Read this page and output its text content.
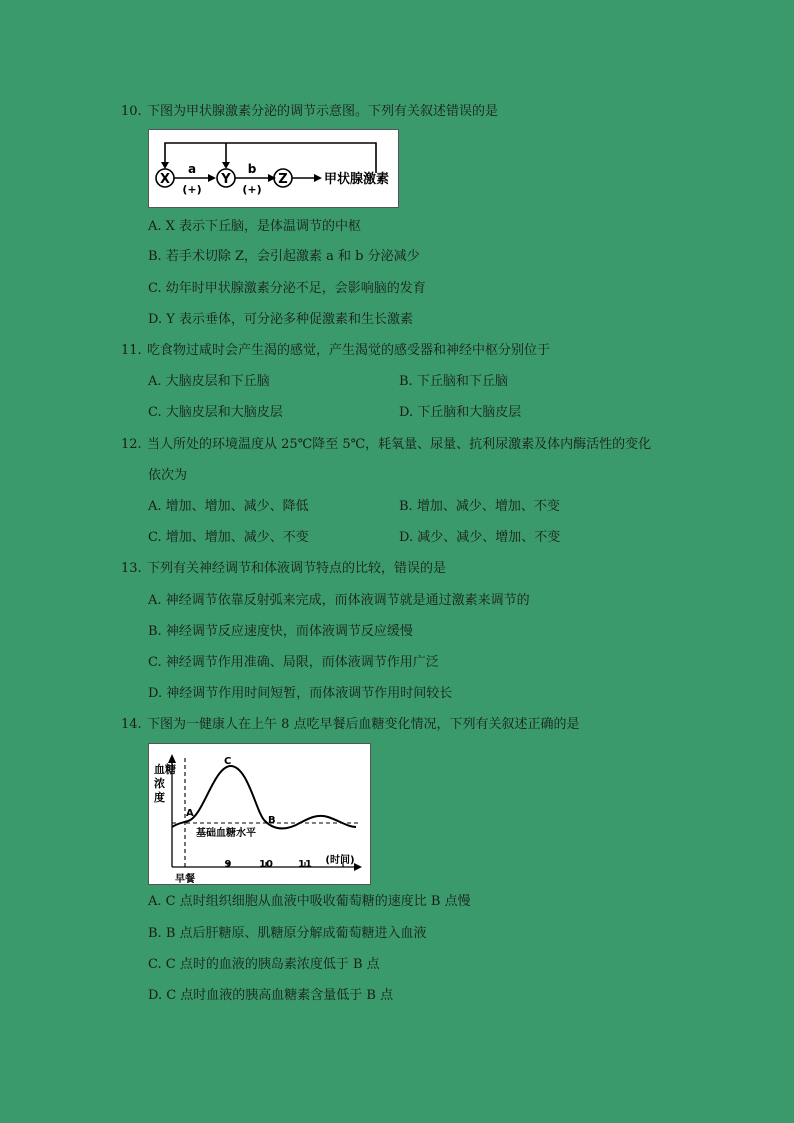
10. 下图为甲状腺激素分泌的调节示意图。下列有关叙述错误的是
X
a
(+)
Y
b
(+)
Z	甲状腺激素
A. X 表示下丘脑，是体温调节的中枢
B. 若手术切除 Z，会引起激素 a 和 b 分泌减少
C. 幼年时甲状腺激素分泌不足，会影响脑的发育
D. Y 表示垂体，可分泌多种促激素和生长激素
11. 吃食物过咸时会产生渴的感觉，产生渴觉的感受器和神经中枢分别位于
A. 大脑皮层和下丘脑	B. 下丘脑和下丘脑
C. 大脑皮层和大脑皮层	D. 下丘脑和大脑皮层
12. 当人所处的环境温度从 25℃降至 5℃，耗氧量、尿量、抗利尿激素及体内酶活性的变化
依次为
A. 增加、增加、减少、降低	B. 增加、减少、增加、不变
C. 增加、增加、减少、不变	D. 减少、减少、增加、不变
13. 下列有关神经调节和体液调节特点的比较，错误的是
A. 神经调节依靠反射弧来完成，而体液调节就是通过激素来调节的
B. 神经调节反应速度快，而体液调节反应缓慢
C. 神经调节作用准确、局限，而体液调节作用广泛
D. 神经调节作用时间短暂，而体液调节作用时间较长
14. 下图为一健康人在上午 8 点吃早餐后血糖变化情况，下列有关叙述正确的是
血 糖
浓
度
A
B
C
基础血糖水平
9	10	11 (时间)
早餐
A. C 点时组织细胞从血液中吸收葡萄糖的速度比 B 点慢
B. B 点后肝糖原、肌糖原分解成葡萄糖进入血液
C. C 点时的血液的胰岛素浓度低于 B 点
D. C 点时血液的胰高血糖素含量低于 B 点
